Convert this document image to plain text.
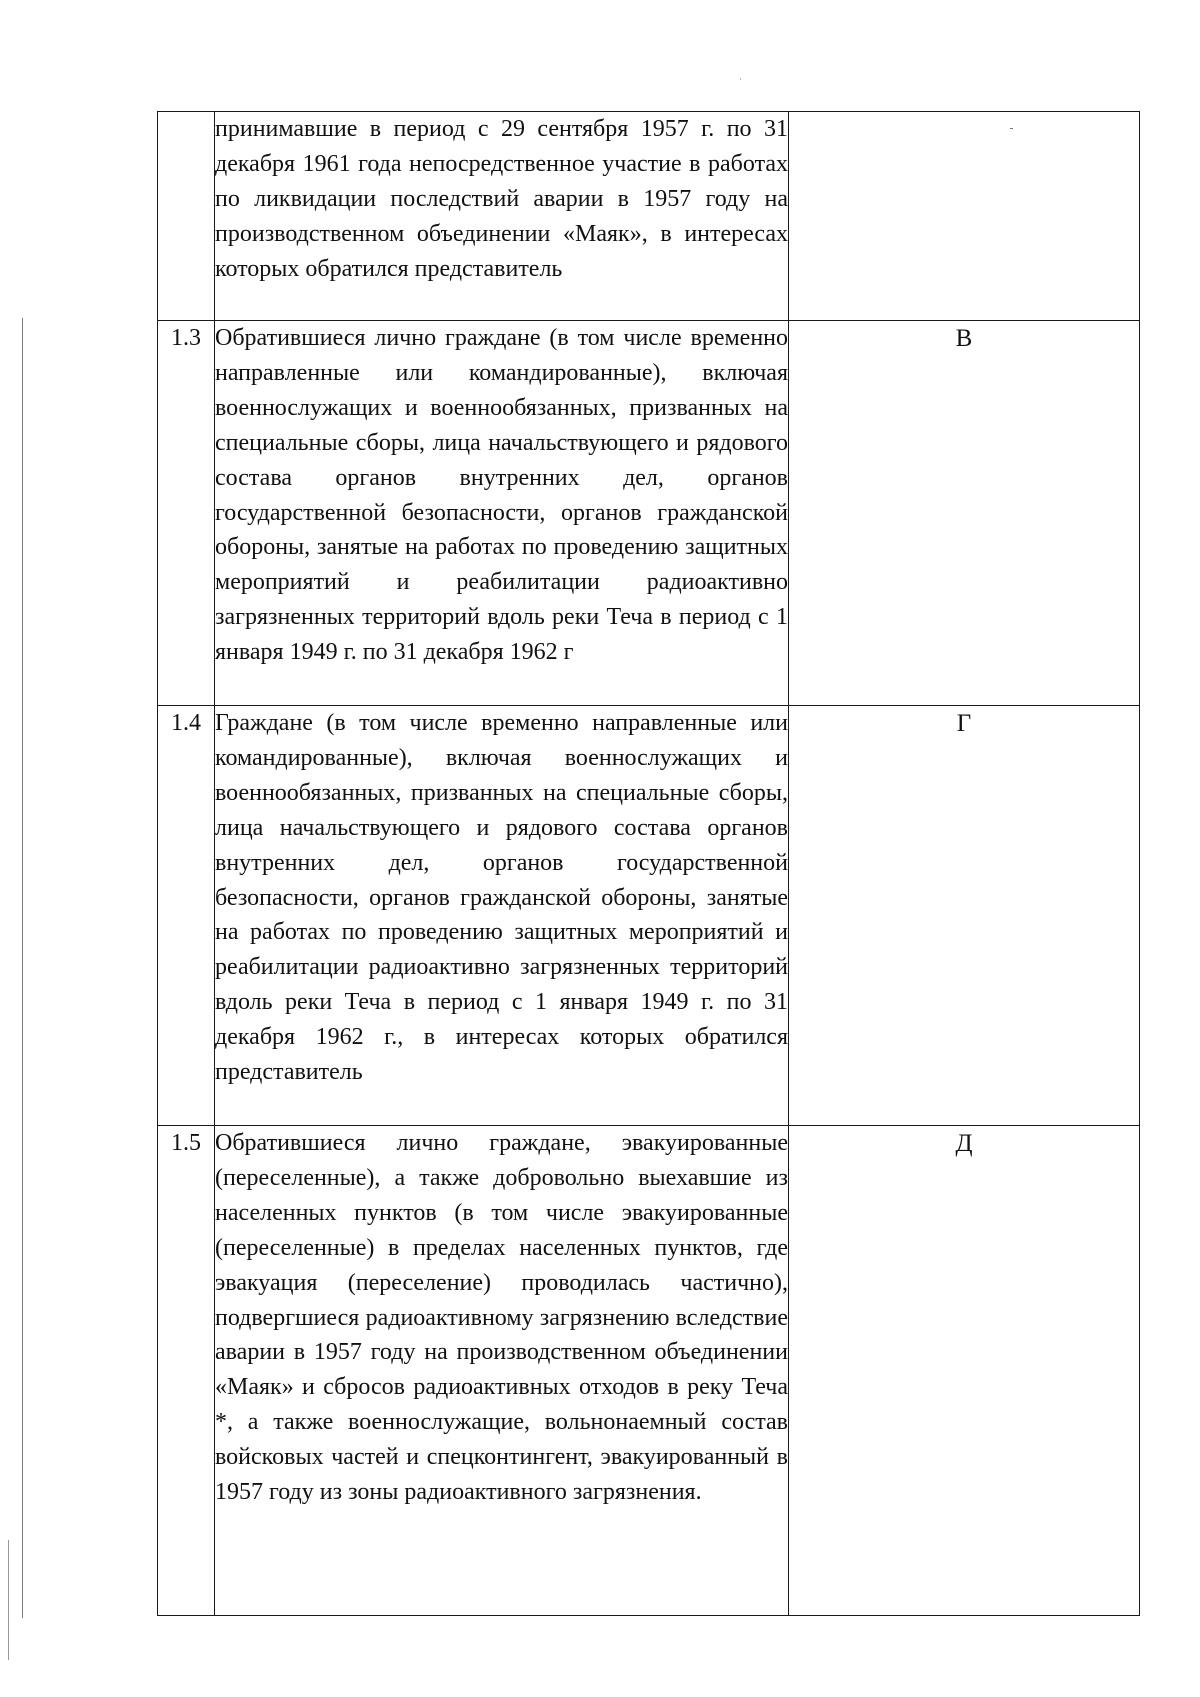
	принимавшие в период с 29 сентября 1957 г. по 31 декабря 1961 года непосредственное участие в работах по ликвидации последствий аварии в 1957 году на производственном объединении «Маяк», в интересах которых обратился представитель	

1.3	Обратившиеся лично граждане (в том числе временно направленные или командированные), включая военнослужащих и военнообязанных, призванных на специальные сборы, лица начальствующего и рядового состава органов внутренних дел, органов государственной безопасности, органов гражданской обороны, занятые на работах по проведению защитных мероприятий и реабилитации радиоактивно загрязненных территорий вдоль реки Теча в период с 1 января 1949 г. по 31 декабря 1962 г	В
1.4	Граждане (в том числе временно направленные или командированные), включая военнослужащих и военнообязанных, призванных на специальные сборы, лица начальствующего и рядового состава органов внутренних дел, органов государственной безопасности, органов гражданской обороны, занятые на работах по проведению защитных мероприятий и реабилитации радиоактивно загрязненных территорий вдоль реки Теча в период с 1 января 1949 г. по 31 декабря 1962 г., в интересах которых обратился представитель	Г
1.5	Обратившиеся лично граждане, эвакуированные (переселенные), а также добровольно выехавшие из населенных пунктов (в том числе эвакуированные (переселенные) в пределах населенных пунктов, где эвакуация (переселение) проводилась частично), подвергшиеся радиоактивному загрязнению вследствие аварии в 1957 году на производственном объединении «Маяк» и сбросов радиоактивных отходов в реку Теча *, а также военнослужащие, вольнонаемный состав войсковых частей и спецконтингент, эвакуированный в 1957 году из зоны радиоактивного загрязнения.	Д
